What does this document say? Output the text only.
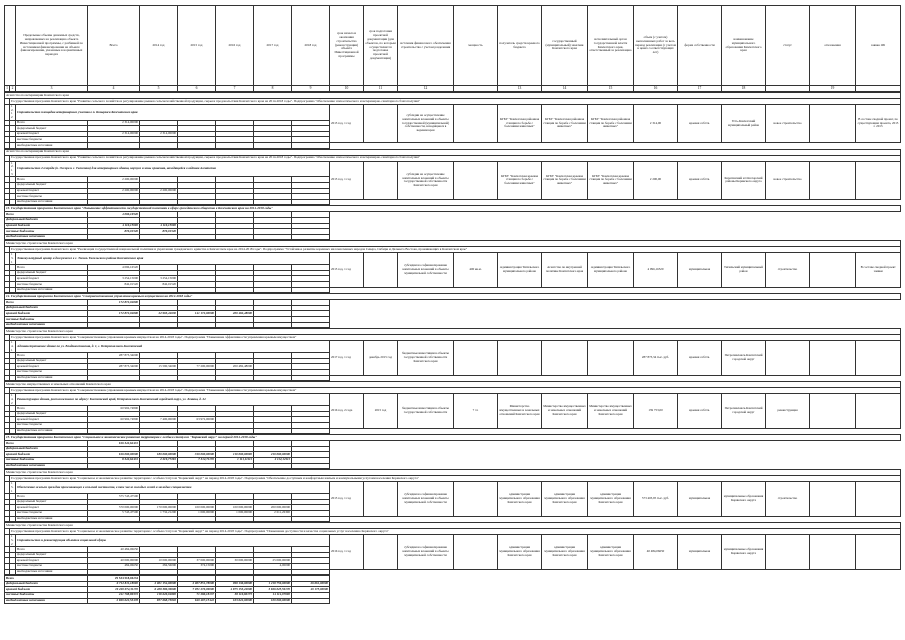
		Предельные объемы денежных средств, направляемых на реализацию объекта Инвестиционной программы, с разбивкой по источникам финансирования на объекте финансирования, указанные в нормативных периодах	Всего	2014 год	2015 год	2016 год	2017 год	2018 год	срок начала и окончания строительства (реконструкции) объекта Инвестиционной программы	срок подготовки проектной документации (для объектов, по которым осуществляется подготовка проектной документации)	источник финансового обеспечения строительства с учетом разделения	мощность	получатель средств краевого бюджета	государственный (муниципальный) заказчик Камчатского края	исполнительный орган государственной власти Камчатского края, ответственный за реализацию	объем (с учетом) выполненных работ за весь период реализации (с учетом в ценах соответствующих лет)	форма собственности	наименование муниципального образования Камчатского края	статус	отклонения	заявка ОБ
1	2	3	4	5	6	7	8	9	10	11	12		13	14	15	16	17	18		19	
Агентство по ветеринарии Камчатского края																					
	Государственная программа Камчатского края "Развитие сельского хозяйства и регулирование рынков сельскохозяйственной продукции, сырья и продовольствия Камчатского края на 2014-2018 годы". Подпрограмма "Обеспечение эпизоотического и ветеринарно-санитарного благополучия"																				
	12.12	Строительство площадки ветеринарного участка в п. Козыревск Камчатского края							2015 год, 1 год		субсидии на осуществление капитальных вложений в объекты государственной (муниципальной) собственности, находящиеся в ведении края		КГБУ "Камчатская районная станция по борьбе с болезнями животных"	КГБУ "Камчатская районная станция по борьбе с болезнями животных"	КГБУ "Камчатская районная станция по борьбе с болезнями животных"	2 314,00	краевая собств.	Усть-Камчатский муниципальный район	новое строительство		В составе сводной проект, по существующим проекта, 2015 г. 2013
		Всего	2 314,00000																		
		федеральный бюджет																			
		краевой бюджет	2 314,00000	2 314,00000																	
		местные бюджеты																			
		внебюджетные источники																			
Агентство по ветеринарии Камчатского края																					
	Государственная программа Камчатского края "Развитие сельского хозяйства и регулирование рынков сельскохозяйственной продукции, сырья и продовольствия Камчатского края на 2014-2018 годы". Подпрограмма "Обеспечение эпизоотического и ветеринарно-санитарного благополучия"																				
	12.13	Строительство 2 очереди (п. Оссора и с. Тиличики) для ветеринарного здания, корпуса и зоны хранения, находящейся в ведении Агентства							2015 год, 1 год		субсидии на осуществление капитальных вложений в объекты государственной собственности Камчатского края		КГБУ "Камчатская краевая станция по борьбе с болезнями животных"	КГБУ "Камчатская краевая станция по борьбе с болезнями животных"	КГБУ "Камчатская краевая станция по борьбе с болезнями животных"	2 200,00	краевая собств.	Карагинский и Олюторский районы Корякского округа	новое строительство		
		Всего	2 200,00000																		
		федеральный бюджет																			
		краевой бюджет	2 200,00000	2 200,00000																	
		местные бюджеты																			
		внебюджетные источники																			
13. Государственная программа Камчатского края "Повышение эффективности государственной политики в сфере гражданского общества в Камчатском крае на 2014-2018 годы"							
Всего	4 096,16520						
федеральный бюджет							
краевой бюджет	4 116,15000	4 116,15000					
местные бюджеты	876,01520	876,01520					
внебюджетные источники							
Министерство строительства Камчатского края																					
	Государственная программа Камчатского края "Реализация государственной национальной политики и укрепление гражданского единства в Камчатском крае на 2014-2018 годы". Подпрограмма "Устойчивое развитие коренных малочисленных народов Севера, Сибири и Дальнего Востока, проживающих в Камчатском крае"																				
	13.1	Этнокультурный центр и дом ремесел в с. Тигиль Тигильского района Камчатского края							2015 год, 1 год		субсидии на софинансирование капитальных вложений в объекты муниципальной собственности	400 кв.м.	Администрация Тигильского муниципального района	Агентство по внутренней политике Камчатского края	Администрация Тигильского муниципального района	4 096,16520	муниципальная	Тигильский муниципальный район	строительство		В составе сводной проект заявки
		Всего	4 096,16520																		
		федеральный бюджет																			
		краевой бюджет	3 254,15000	3 254,15000																	
		местные бюджеты	842,01520	842,01520																	
		внебюджетные источники																			
14. Государственная программа Камчатского края "Совершенствование управления краевым имуществом на 2014-2018 годы"							
Всего	172 872,04800						
федеральный бюджет							
краевой бюджет	172 872,04800	22 993,44030	141 172,00000	200 482,48000			
местные бюджеты							
внебюджетные источники							
Министерство строительства Камчатского края																					
	Государственная программа Камчатского края "Совершенствование управления краевым имуществом на 2014-2018 годы". Подпрограмма "Повышение эффективности управления краевым имуществом"																				
	14.1	Административное здание по ул. Владивостокская, д. 1, г. Петропавловск-Камчатский							2017 год, 1 год	декабрь 2015 год	бюджетные инвестиции в объекты государственной собственности Камчатского края					287 873,34 тыс. руб.	краевая собств.	Петропавловск-Камчатский городской округ			
		Всего	287 873,34000																		
		федеральный бюджет																			
		краевой бюджет	287 873,34000	15 590,34000	77 200,00000	200 482,48000															
		местные бюджеты																			
		внебюджетные источники																			
Министерство имущественных и земельных отношений Камчатского края																					
	Государственная программа Камчатского края "Совершенствование управления краевым имуществом на 2014-2018 годы". Подпрограмма "Повышение эффективности управления краевым имуществом"																				
	14.2	Реконструкция здания, расположенного по адресу: Камчатский край, Петропавловск-Камчатский городской округ, ул. Ленина, д. 24							2016 год, 2 года	2015 год	бюджетные инвестиции в объекты государственной собственности	7 эт.	Министерство имущественных и земельных отношений Камчатского края	Министерство имущественных и земельных отношений Камчатского края	Министерство имущественных и земельных отношений Камчатского края	139 753,00	краевая собств.	Петропавловск-Камчатский городской округ	реконструкция		
		Всего	60 992,74800																		
		федеральный бюджет																			
		краевой бюджет	60 992,74800	7 400,00000	63 972,00000																
		местные бюджеты																			
		внебюджетные источники																			
15. Государственная программа Камчатского края "Социальное и экономическое развитие территории с особым статусом "Корякский округ" на период 2014-2018 годы"							
Всего	616 342,62431						
федеральный бюджет							
краевой бюджет	616 000,00000	180 000,00000	310 000,00000	110 000,00000	210 000,00000		
местные бюджеты	8 342,62431	2 219,77281	7 312,71170	1 111,11111	2 112,12111		
внебюджетные источники							
Министерство строительства Камчатского края																					
	Государственная программа Камчатского края "Социальное и экономическое развитие территории с особым статусом "Корякский округ" на период 2014-2018 годы". Подпрограмма "Обеспечение доступным и комфортным жильем и коммунальными услугами населения Корякского округа"																				
	15.1	Обеспечение жильем граждан проживающих в сельской местности, в том числе молодых семей и молодых специалистов							2015 год, 1 год		субсидии на софинансирование капитальных вложений в объекты муниципальной собственности		администрация муниципального образования Камчатского края	администрация муниципального образования Камчатского края	администрация муниципального образования Камчатского края	573 403,95 тыс. руб.	муниципальная	муниципальные образования Корякского округа	строительство		
		Всего	575 743,47500																		
		федеральный бюджет																			
		краевой бюджет	570 000,00000	170 000,00000	100 000,00000	100 000,00000	200 000,00000														
		местные бюджеты	5 743,47500	1 732,21200	1 000,00000	1 000,00000	2 011,26300														
		внебюджетные источники																			
Министерство строительства Камчатского края																					
	Государственная программа Камчатского края "Социальное и экономическое развитие территории с особым статусом "Корякский округ" на период 2014-2018 годы". Подпрограмма "Повышение доступности и качества социальных услуг населению Корякского округа"																				
	15.2	Строительство и реконструкция объектов социальной сферы							2016 год, 1 год		субсидии на софинансирование капитальных вложений в объекты муниципальной собственности		администрация муниципального образования Камчатского края	администрация муниципального образования Камчатского края	администрация муниципального образования Камчатского края	40 484,06650	муниципальная	муниципальные образования Корякского округа			
		Всего	40 484,06650																		
		федеральный бюджет																			
		краевой бюджет	40 000,00000	10 000,00000	37 000,00000	30 000,00000	25 000,00000														
		местные бюджеты	484,06650	284,56000	374,15000		4,00000														
		внебюджетные источники																			
Всего	29 534 518,04234						
федеральный бюджет	6 712 811,18000	2 001 154,00000	2 007 851,78000	998 136,00000	1 218 759,00000	26 661,00000	
краевой бюджет	19 220 074,31170	6 408 389,39600	7 051 276,09000	4 875 153,22000	3 826 025,59170	49 175,00000	
местные бюджеты	241 708,89372	118 626,94800	71 286,18137	38 116,80175	14 114,97000		
внебюджетные источники	2 699 622,53478	857 668,73802	640 487,15442	163 622,00000	100 000,00000		
